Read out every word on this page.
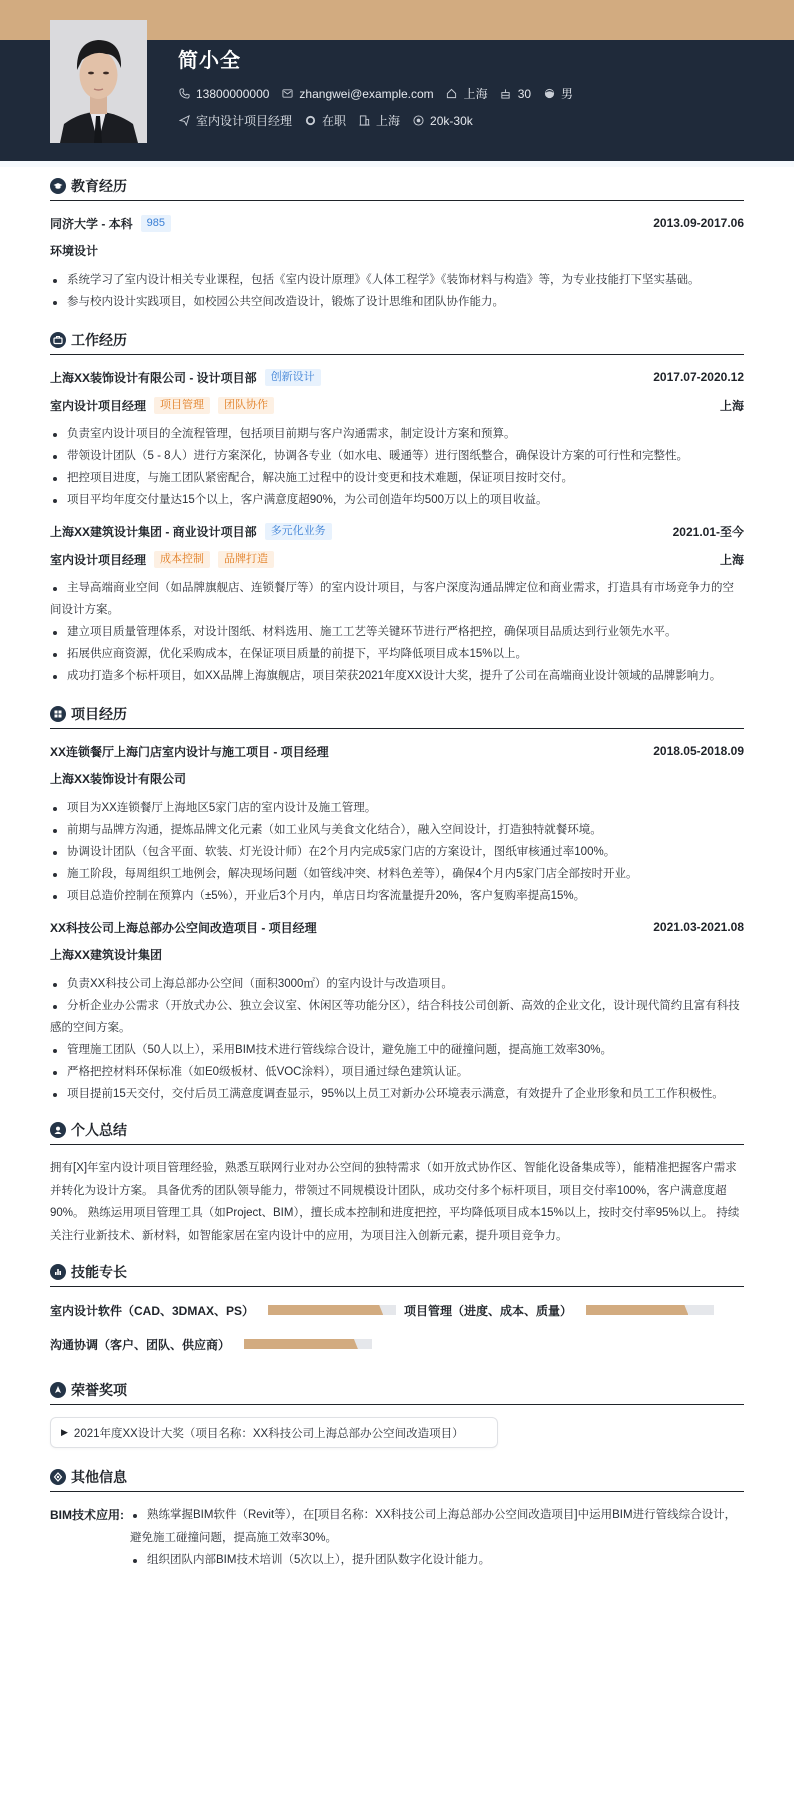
简小全
13800000000	zhangwei@example.com	上海	30	男
室内设计项目经理	在职	上海	20k-30k
教育经历
同济大学 - 本科	985	2013.09-2017.06
环境设计
系统学习了室内设计相关专业课程，包括《室内设计原理》《人体工程学》《装饰材料与构造》等，为专业技能打下坚实基础。
参与校内设计实践项目，如校园公共空间改造设计，锻炼了设计思维和团队协作能力。
工作经历
上海XX装饰设计有限公司 - 设计项目部	创新设计	2017.07-2020.12
室内设计项目经理	项目管理	团队协作	上海
负责室内设计项目的全流程管理，包括项目前期与客户沟通需求，制定设计方案和预算。
带领设计团队（5 - 8人）进行方案深化，协调各专业（如水电、暖通等）进行图纸整合，确保设计方案的可行性和完整性。
把控项目进度，与施工团队紧密配合，解决施工过程中的设计变更和技术难题，保证项目按时交付。
项目平均年度交付量达15个以上，客户满意度超90%，为公司创造年均500万以上的项目收益。
上海XX建筑设计集团 - 商业设计项目部	多元化业务	2021.01-至今
室内设计项目经理	成本控制	品牌打造	上海
主导高端商业空间（如品牌旗舰店、连锁餐厅等）的室内设计项目，与客户深度沟通品牌定位和商业需求，打造具有市场竞争力的空间设计方案。
建立项目质量管理体系，对设计图纸、材料选用、施工工艺等关键环节进行严格把控，确保项目品质达到行业领先水平。
拓展供应商资源，优化采购成本，在保证项目质量的前提下，平均降低项目成本15%以上。
成功打造多个标杆项目，如XX品牌上海旗舰店，项目荣获2021年度XX设计大奖，提升了公司在高端商业设计领域的品牌影响力。
项目经历
XX连锁餐厅上海门店室内设计与施工项目 - 项目经理	2018.05-2018.09
上海XX装饰设计有限公司
项目为XX连锁餐厅上海地区5家门店的室内设计及施工管理。
前期与品牌方沟通，提炼品牌文化元素（如工业风与美食文化结合），融入空间设计，打造独特就餐环境。
协调设计团队（包含平面、软装、灯光设计师）在2个月内完成5家门店的方案设计，图纸审核通过率100%。
施工阶段，每周组织工地例会，解决现场问题（如管线冲突、材料色差等），确保4个月内5家门店全部按时开业。
项目总造价控制在预算内（±5%），开业后3个月内，单店日均客流量提升20%，客户复购率提高15%。
XX科技公司上海总部办公空间改造项目 - 项目经理	2021.03-2021.08
上海XX建筑设计集团
负责XX科技公司上海总部办公空间（面积3000㎡）的室内设计与改造项目。
分析企业办公需求（开放式办公、独立会议室、休闲区等功能分区），结合科技公司创新、高效的企业文化，设计现代简约且富有科技感的空间方案。
管理施工团队（50人以上），采用BIM技术进行管线综合设计，避免施工中的碰撞问题，提高施工效率30%。
严格把控材料环保标准（如E0级板材、低VOC涂料），项目通过绿色建筑认证。
项目提前15天交付，交付后员工满意度调查显示，95%以上员工对新办公环境表示满意，有效提升了企业形象和员工工作积极性。
个人总结

拥有[X]年室内设计项目管理经验，熟悉互联网行业对办公空间的独特需求（如开放式协作区、智能化设备集成等），能精准把握客户需求并转化为设计方案。 具备优秀的团队领导能力，带领过不同规模设计团队，成功交付多个标杆项目，项目交付率100%，客户满意度超90%。 熟练运用项目管理工具（如Project、BIM），擅长成本控制和进度把控，平均降低项目成本15%以上，按时交付率95%以上。 持续关注行业新技术、新材料，如智能家居在室内设计中的应用，为项目注入创新元素，提升项目竞争力。

技能专长
室内设计软件（CAD、3DMAX、PS）	项目管理（进度、成本、质量）
沟通协调（客户、团队、供应商）
荣誉奖项
▶ 2021年度XX设计大奖（项目名称：XX科技公司上海总部办公空间改造项目）
其他信息
BIM技术应用:	熟练掌握BIM软件（Revit等），在[项目名称：XX科技公司上海总部办公空间改造项目]中运用BIM进行管线综合设计，避免施工碰撞问题，提高施工效率30%。
组织团队内部BIM技术培训（5次以上），提升团队数字化设计能力。
